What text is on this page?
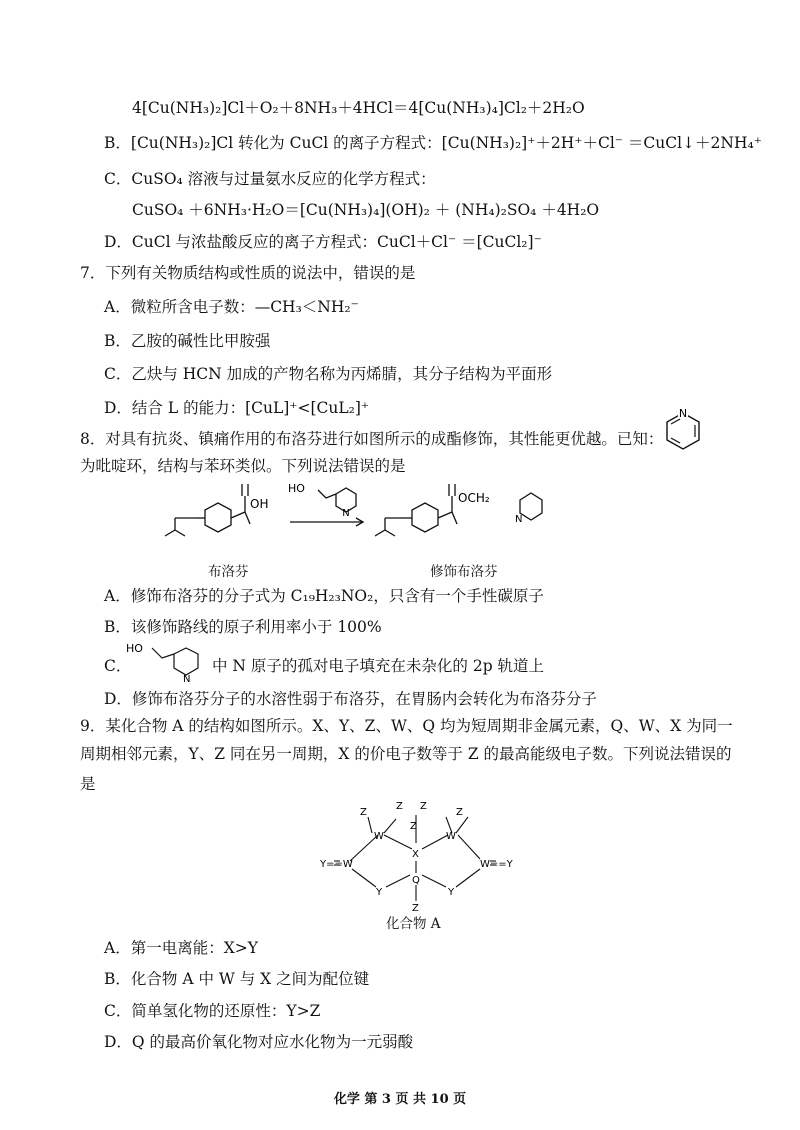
4[Cu(NH₃)₂]Cl＋O₂＋8NH₃＋4HCl＝4[Cu(NH₃)₄]Cl₂＋2H₂O
B．[Cu(NH₃)₂]Cl 转化为 CuCl 的离子方程式：[Cu(NH₃)₂]⁺＋2H⁺＋Cl⁻ ＝CuCl↓＋2NH₄⁺
C．CuSO₄ 溶液与过量氨水反应的化学方程式：
CuSO₄ ＋6NH₃·H₂O＝[Cu(NH₃)₄](OH)₂ ＋ (NH₄)₂SO₄ ＋4H₂O
D．CuCl 与浓盐酸反应的离子方程式：CuCl＋Cl⁻ ＝[CuCl₂]⁻
7．下列有关物质结构或性质的说法中，错误的是
A．微粒所含电子数：—CH₃＜NH₂⁻
B．乙胺的碱性比甲胺强
C．乙炔与 HCN 加成的产物名称为丙烯腈，其分子结构为平面形
D．结合 L 的能力：[CuL]⁺<[CuL₂]⁺
8．对具有抗炎、镇痛作用的布洛芬进行如图所示的成酯修饰，其性能更优越。已知：
N
为吡啶环，结构与苯环类似。下列说法错误的是
OH
HO
N
OCH₂
N
布洛芬	修饰布洛芬
A．修饰布洛芬的分子式为 C₁₉H₂₃NO₂，只含有一个手性碳原子
B．该修饰路线的原子利用率小于 100%
C．
HO
N
中 N 原子的孤对电子填充在未杂化的 2p 轨道上
D．修饰布洛芬分子的水溶性弱于布洛芬，在胃肠内会转化为布洛芬分子
9．某化合物 A 的结构如图所示。X、Y、Z、W、Q 均为短周期非金属元素，Q、W、X 为同一
周期相邻元素，Y、Z 同在另一周期，X 的价电子数等于 Z 的最高能级电子数。下列说法错误的
是
Z
Z Z
Z
Z
W	W
X
Y==W	W==Y
Y
Q
Y
Z
化合物 A
A．第一电离能：X>Y
B．化合物 A 中 W 与 X 之间为配位键
C．简单氢化物的还原性：Y>Z
D．Q 的最高价氧化物对应水化物为一元弱酸
化学 第 3 页 共 10 页
